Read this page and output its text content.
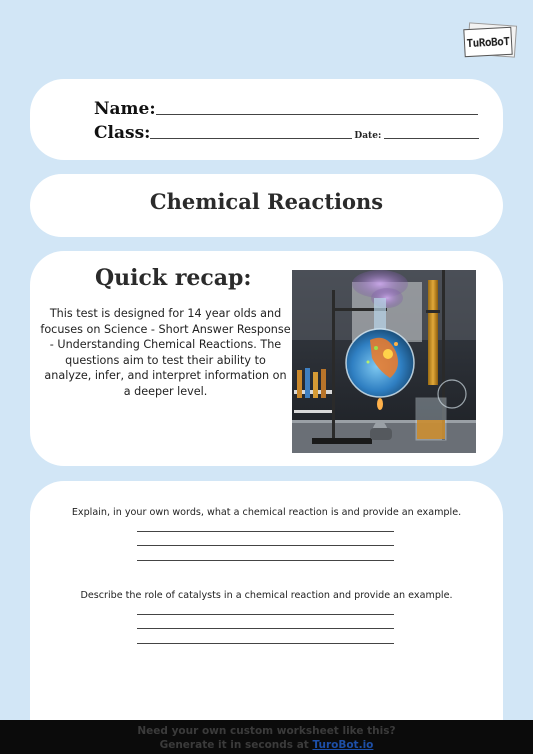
TuRoBoT
Name:
Class:	Date:
Chemical Reactions
Quick recap:
This test is designed for 14 year olds and focuses on Science - Short Answer Response - Understanding Chemical Reactions. The questions aim to test their ability to analyze, infer, and interpret information on a deeper level.
Explain, in your own words, what a chemical reaction is and provide an example.
Describe the role of catalysts in a chemical reaction and provide an example.
Need your own custom worksheet like this?
Generate it in seconds at TuroBot.io
